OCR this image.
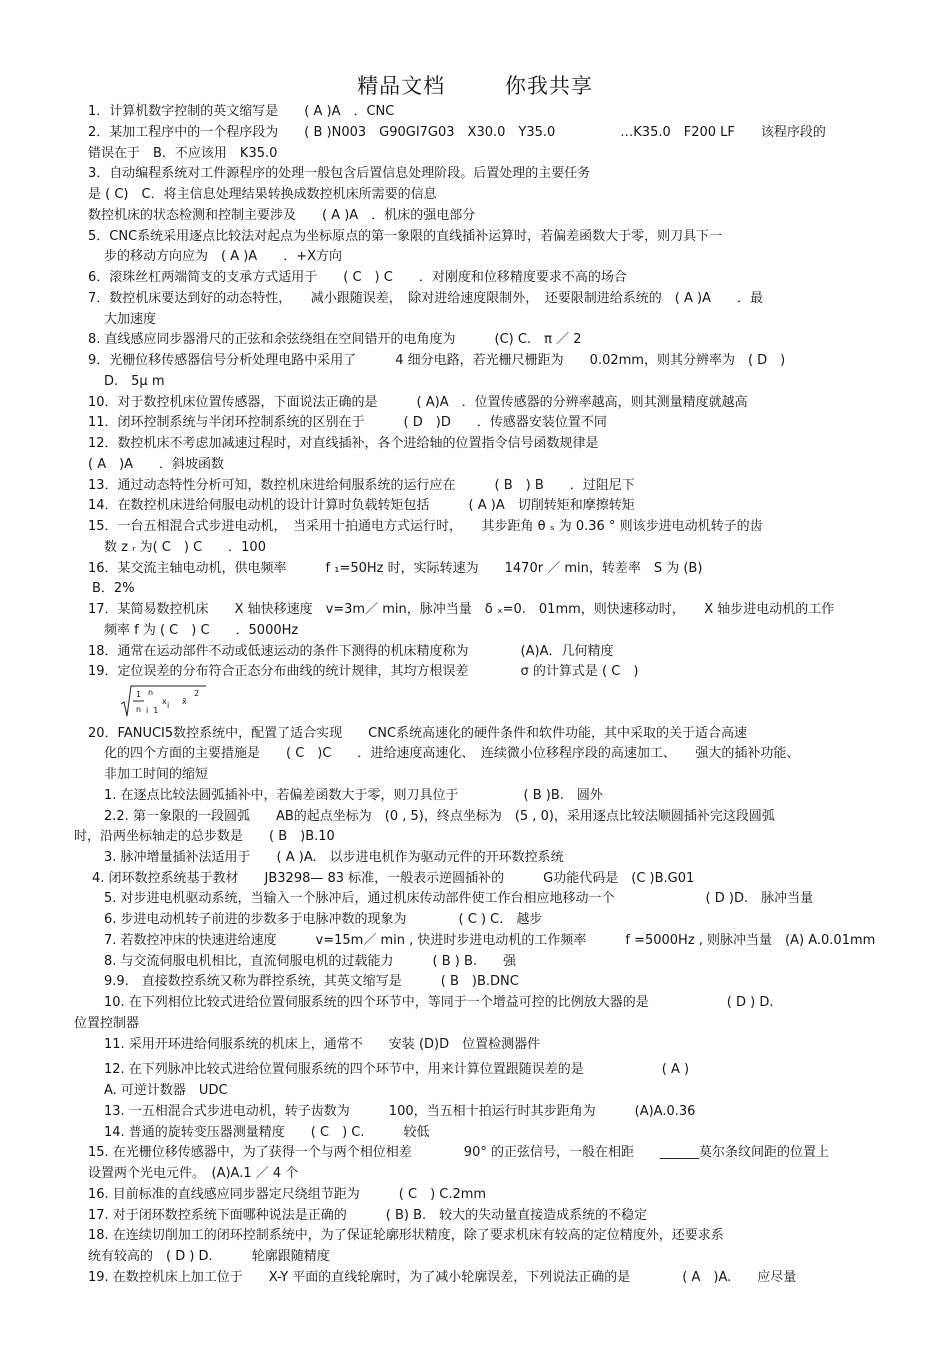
精品文档	你我共享
1．计算机数字控制的英文缩写是　　( A )A　．CNC
2．某加工程序中的一个程序段为　　( B )N003　G90GI7G03　X30.0　Y35.0　　　　　…K35.0　F200 LF　　该程序段的
错误在于　B．不应该用　K35.0
3．自动编程系统对工件源程序的处理一般包含后置信息处理阶段。后置处理的主要任务
是 ( C)　C．将主信息处理结果转换成数控机床所需要的信息
数控机床的状态检测和控制主要涉及　　( A )A　．机床的强电部分
5．CNC系统采用逐点比较法对起点为坐标原点的第一象限的直线插补运算时，若偏差函数大于零，则刀具下一
步的移动方向应为　( A )A　　．+X方向
6．滚珠丝杠两端简支的支承方式适用于　　( C　) C　　．对刚度和位移精度要求不高的场合
7．数控机床要达到好的动态特性，　　减小跟随误差，　除对进给速度限制外，　还要限制进给系统的　( A )A　　．最
大加速度
8. 直线感应同步器滑尺的正弦和余弦绕组在空间错开的电角度为　　　(C) C.　π ／ 2
9．光栅位移传感器信号分析处理电路中采用了　　　4 细分电路，若光栅尺栅距为　　0.02mm，则其分辨率为　( D　)
D.　5μ m
10．对于数控机床位置传感器，下面说法正确的是　　　( A)A　．位置传感器的分辨率越高，则其测量精度就越高
11．闭环控制系统与半闭环控制系统的区别在于　　　( D　)D　　．传感器安装位置不同
12．数控机床不考虑加减速过程时，对直线插补，各个进给轴的位置指令信号函数规律是
( A　)A　　．斜坡函数
13．通过动态特性分析可知，数控机床进给伺服系统的运行应在　　　( B　) B　　．过阻尼下
14．在数控机床进给伺服电动机的设计计算时负载转矩包括　　　( A )A　切削转矩和摩擦转矩
15．一台五相混合式步进电动机，　当采用十拍通电方式运行时，　　其步距角 θ ₛ 为 0.36 ° 则该步进电动机转子的齿
数 z ᵣ 为( C　) C　　．100
16．某交流主轴电动机，供电频率　　　f ₁=50Hz 时，实际转速为　　1470r ／ min，转差率　S 为 (B)
B．2%
17．某简易数控机床　　X 轴快移速度　v=3m／ min，脉冲当量　δ ₓ=0.　01mm，则快速移动时，　　X 轴步进电动机的工作
频率 f 为 ( C　) C　　．5000Hz
18．通常在运动部件不动或低速运动的条件下测得的机床精度称为　　　　(A)A．几何精度
19．定位误差的分布符合正态分布曲线的统计规律，其均方根误差　　　　σ 的计算式是 ( C　)
1
n
n
i  1
x i x̄
2
20．FANUCI5数控系统中，配置了适合实现　　CNC系统高速化的硬件条件和软件功能，其中采取的关于适合高速
化的四个方面的主要措施是　　( C　)C　　．进给速度高速化、　连续微小位移程序段的高速加工、　　强大的插补功能、
非加工时间的缩短
1. 在逐点比较法圆弧插补中，若偏差函数大于零，则刀具位于　　　　　( B )B.　圆外
2.2. 第一象限的一段圆弧　　AB的起点坐标为　(0 , 5)，终点坐标为　(5 , 0)，采用逐点比较法顺圆插补完这段圆弧
时，沿两坐标轴走的总步数是　　( B　)B.10
3. 脉冲增量插补法适用于　　( A )A.　以步进电机作为驱动元件的开环数控系统
4. 闭环数控系统基于教材　　JB3298— 83 标准，一般表示逆圆插补的　　　G功能代码是　(C )B.G01
5. 对步进电机驱动系统，当输入一个脉冲后，通过机床传动部件使工作台相应地移动一个　　　　　　　( D )D.　脉冲当量
6. 步进电动机转子前进的步数多于电脉冲数的现象为　　　　( C ) C.　越步
7. 若数控冲床的快速进给速度　　　v=15m／ min , 快进时步进电动机的工作频率　　　f =5000Hz , 则脉冲当量　(A) A.0.01mm
8. 与交流伺服电机相比，直流伺服电机的过载能力　　　( B ) B.　　强
9.9.　直接数控系统又称为群控系统，其英文缩写是　　　( B　)B.DNC
10. 在下列相位比较式进给位置伺服系统的四个环节中，等同于一个增益可控的比例放大器的是　　　　　　( D ) D.
位置控制器
11. 采用开环进给伺服系统的机床上，通常不　　安装 (D)D　位置检测器件
12. 在下列脉冲比较式进给位置伺服系统的四个环节中，用来计算位置跟随误差的是　　　　　　( A )
A. 可逆计数器　UDC
13. 一五相混合式步进电动机，转子齿数为　　　100，当五相十拍运行时其步距角为　　　(A)A.0.36
14. 普通的旋转变压器测量精度　　( C　) C.　　　较低
15. 在光栅位移传感器中，为了获得一个与两个相位相差　　　　90° 的正弦信号，一般在相距　　______莫尔条纹间距的位置上
设置两个光电元件。　(A)A.1 ／ 4 个
16. 目前标准的直线感应同步器定尺绕组节距为　　　( C　) C.2mm
17. 对于闭环数控系统下面哪种说法是正确的　　　( B) B.　较大的失动量直接造成系统的不稳定
18. 在连续切削加工的闭环控制系统中，为了保证轮廓形状精度，除了要求机床有较高的定位精度外，还要求系
统有较高的　( D ) D.　　　轮廓跟随精度
19. 在数控机床上加工位于　　X-Y 平面的直线轮廓时，为了减小轮廓误差，下列说法正确的是　　　　( A　)A.　　应尽量
